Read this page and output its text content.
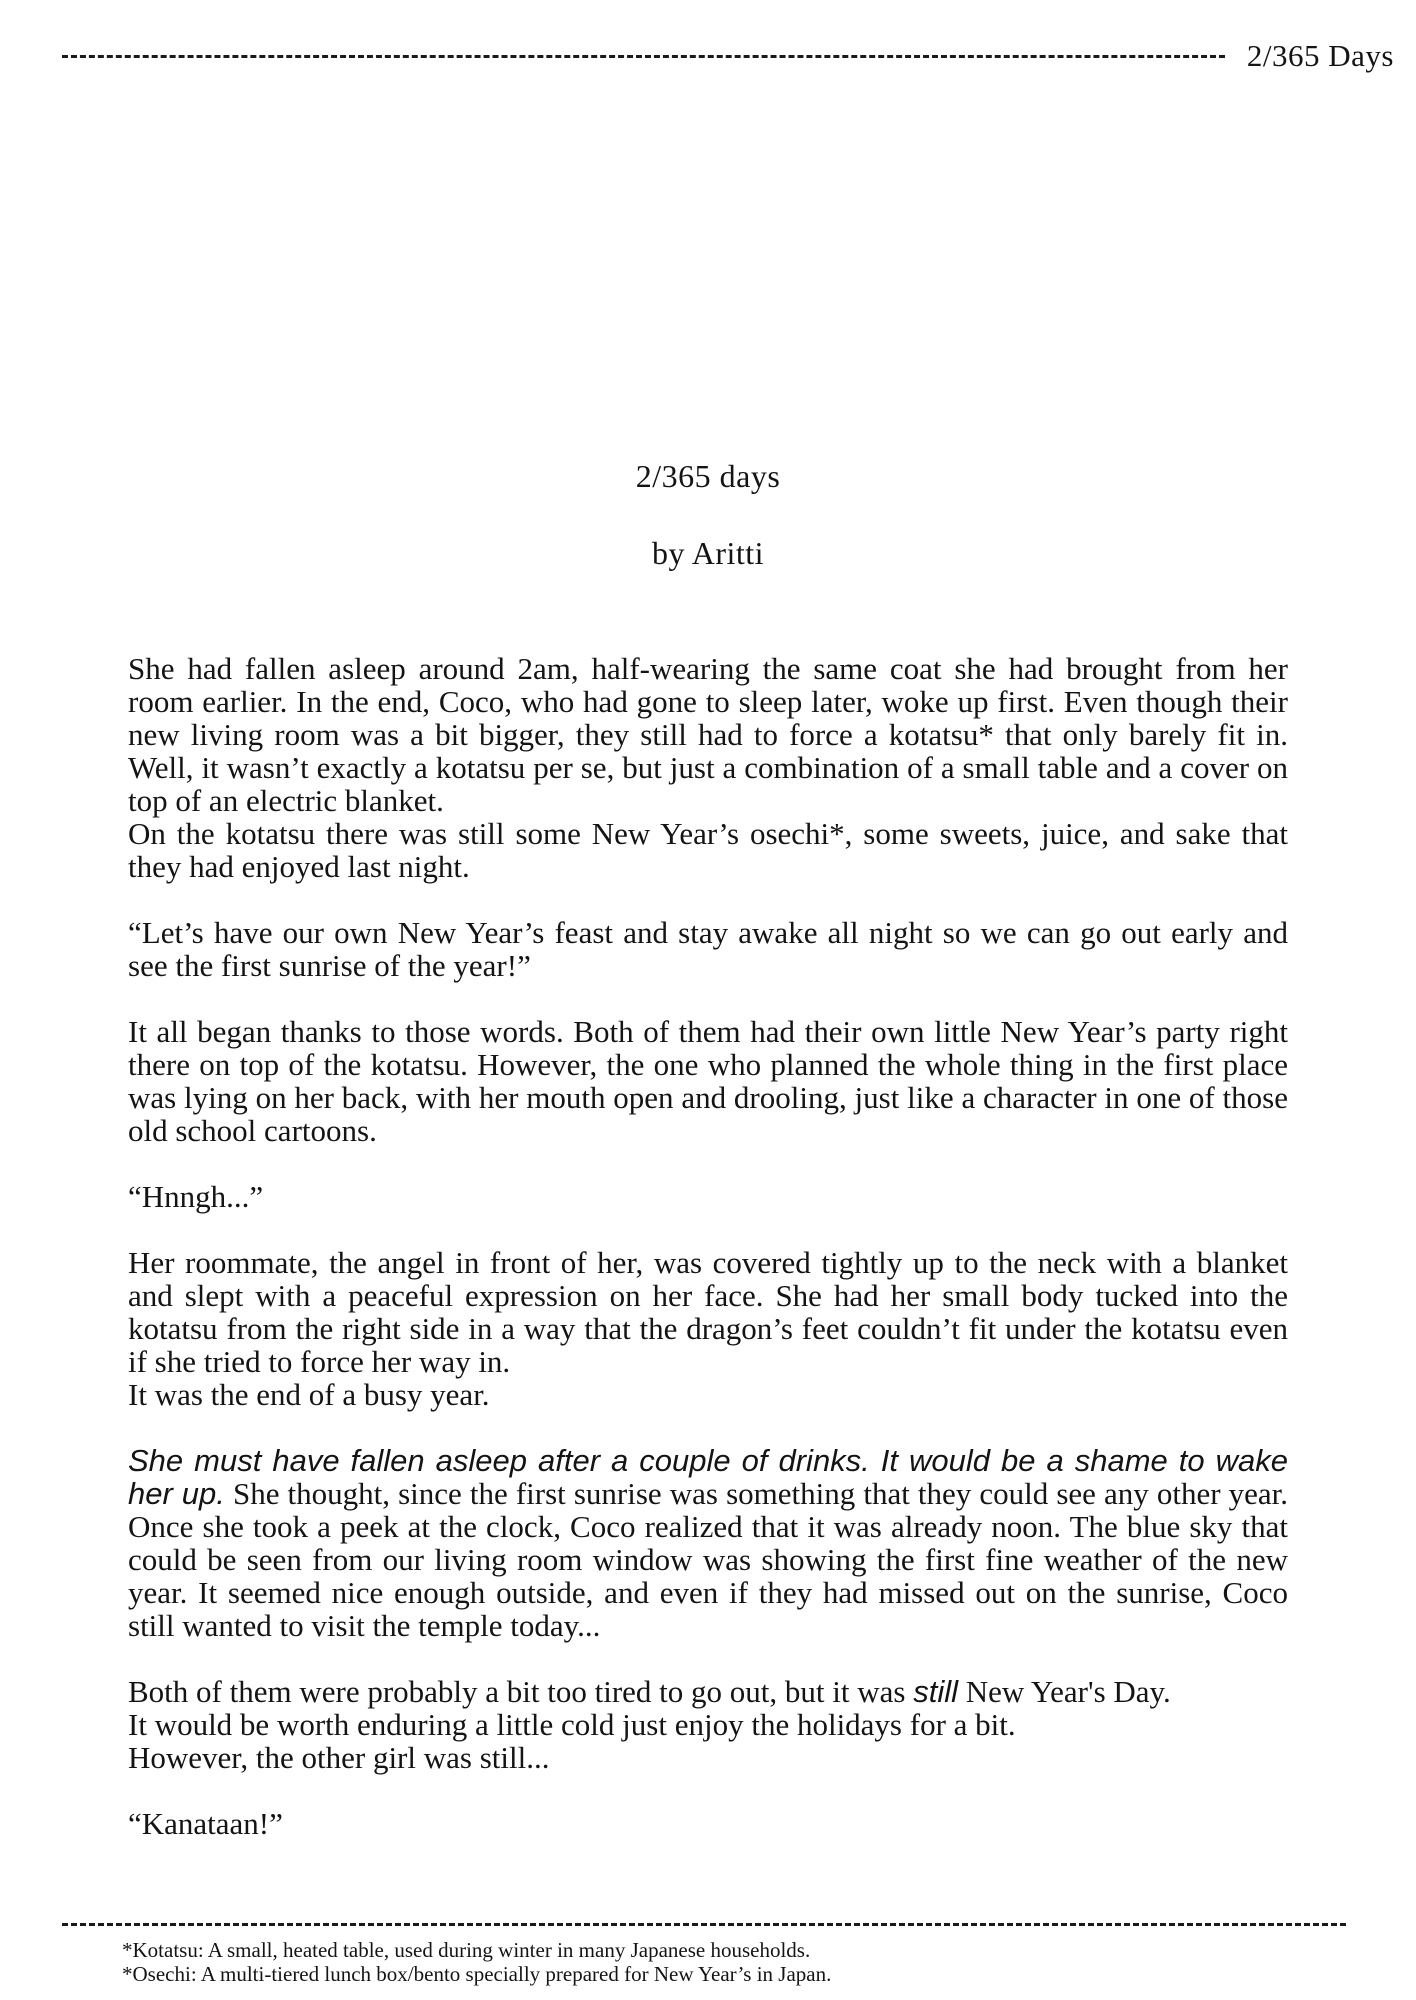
2/365 Days
2/365 days

by Aritti

She had fallen asleep around 2am, half-wearing the same coat she had brought from her room earlier. In the end, Coco, who had gone to sleep later, woke up first. Even though their new living room was a bit bigger, they still had to force a kotatsu* that only barely fit in. Well, it wasn’t exactly a kotatsu per se, but just a combination of a small table and a cover on top of an electric blanket.

On the kotatsu there was still some New Year’s osechi*, some sweets, juice, and sake that they had enjoyed last night.

“Let’s have our own New Year’s feast and stay awake all night so we can go out early and see the first sunrise of the year!”

It all began thanks to those words. Both of them had their own little New Year’s party right there on top of the kotatsu. However, the one who planned the whole thing in the first place was lying on her back, with her mouth open and drooling, just like a character in one of those old school cartoons.

“Hnngh...”

Her roommate, the angel in front of her, was covered tightly up to the neck with a blanket and slept with a peaceful expression on her face. She had her small body tucked into the kotatsu from the right side in a way that the dragon’s feet couldn’t fit under the kotatsu even if she tried to force her way in.

It was the end of a busy year.

She must have fallen asleep after a couple of drinks. It would be a shame to wake her up. She thought, since the first sunrise was something that they could see any other year. Once she took a peek at the clock, Coco realized that it was already noon. The blue sky that could be seen from our living room window was showing the first fine weather of the new year. It seemed nice enough outside, and even if they had missed out on the sunrise, Coco still wanted to visit the temple today...

Both of them were probably a bit too tired to go out, but it was still New Year's Day.

It would be worth enduring a little cold just enjoy the holidays for a bit.

However, the other girl was still...

“Kanataan!”

*Kotatsu: A small, heated table, used during winter in many Japanese households.
*Osechi: A multi-tiered lunch box/bento specially prepared for New Year’s in Japan.
